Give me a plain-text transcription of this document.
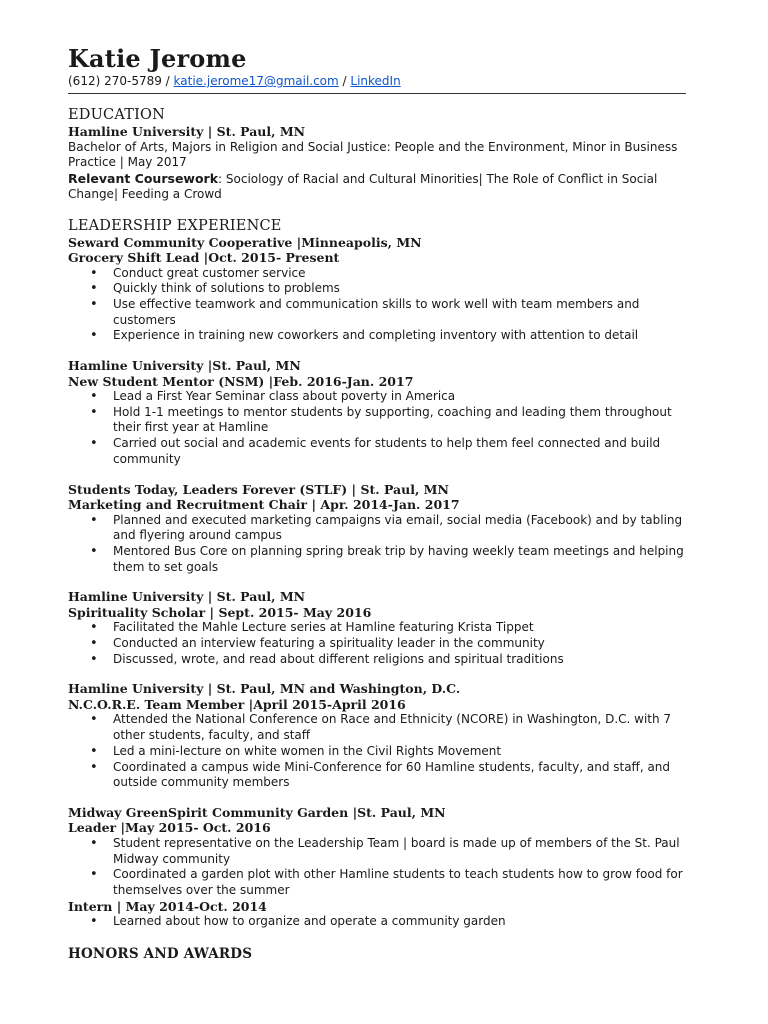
Katie Jerome
(612) 270-5789 / katie.jerome17@gmail.com / LinkedIn
EDUCATION
Hamline University | St. Paul, MN
Bachelor of Arts, Majors in Religion and Social Justice: People and the Environment, Minor in Business Practice | May 2017
Relevant Coursework: Sociology of Racial and Cultural Minorities| The Role of Conflict in Social Change| Feeding a Crowd
LEADERSHIP EXPERIENCE
Seward Community Cooperative |Minneapolis, MN
Grocery Shift Lead |Oct. 2015- Present
• Conduct great customer service
• Quickly think of solutions to problems
• Use effective teamwork and communication skills to work well with team members and customers
• Experience in training new coworkers and completing inventory with attention to detail
Hamline University |St. Paul, MN
New Student Mentor (NSM) |Feb. 2016-Jan. 2017
• Lead a First Year Seminar class about poverty in America
• Hold 1-1 meetings to mentor students by supporting, coaching and leading them throughout their first year at Hamline
• Carried out social and academic events for students to help them feel connected and build community
Students Today, Leaders Forever (STLF) | St. Paul, MN
Marketing and Recruitment Chair | Apr. 2014-Jan. 2017
• Planned and executed marketing campaigns via email, social media (Facebook) and by tabling and flyering around campus
• Mentored Bus Core on planning spring break trip by having weekly team meetings and helping them to set goals
Hamline University | St. Paul, MN
Spirituality Scholar | Sept. 2015- May 2016
• Facilitated the Mahle Lecture series at Hamline featuring Krista Tippet
• Conducted an interview featuring a spirituality leader in the community
• Discussed, wrote, and read about different religions and spiritual traditions
Hamline University | St. Paul, MN and Washington, D.C.
N.C.O.R.E. Team Member |April 2015-April 2016
• Attended the National Conference on Race and Ethnicity (NCORE) in Washington, D.C. with 7 other students, faculty, and staff
• Led a mini-lecture on white women in the Civil Rights Movement
• Coordinated a campus wide Mini-Conference for 60 Hamline students, faculty, and staff, and outside community members
Midway GreenSpirit Community Garden |St. Paul, MN
Leader |May 2015- Oct. 2016
• Student representative on the Leadership Team | board is made up of members of the St. Paul Midway community
• Coordinated a garden plot with other Hamline students to teach students how to grow food for themselves over the summer
Intern | May 2014-Oct. 2014
• Learned about how to organize and operate a community garden
HONORS AND AWARDS
